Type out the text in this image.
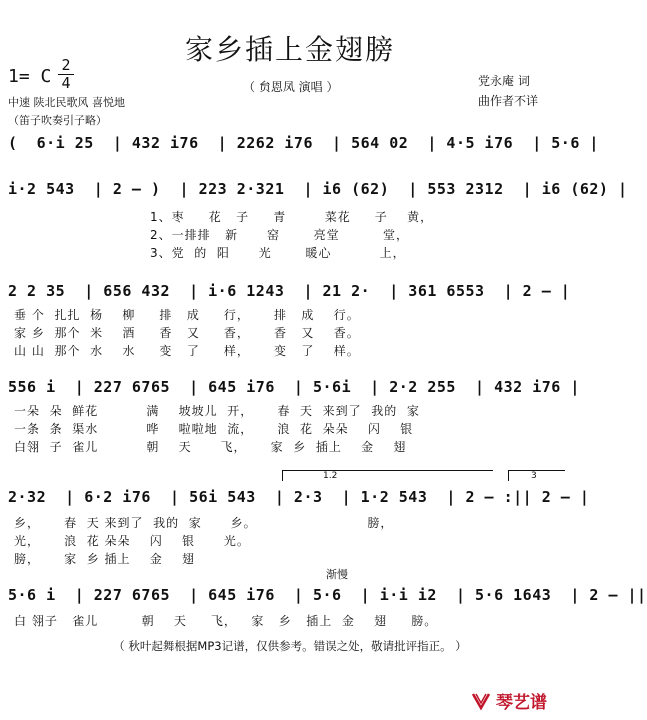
家乡插上金翅膀
1= C
2
4	（ 贠恩凤 演唱 ）
中速 陕北民歌风 喜悦地
党永庵 词
曲作者不详
（笛子吹奏引子略）
(  6·i 25  | 432 i76  | 2262 i76  | 564 02  | 4·5 i76  | 5·6 |
i·2 543  | 2 – )  | 223 2·321  | i6 (62)  | 553 2312  | i6 (62) |
1、枣     花   子     青        菜花     子    黄，
2、一排排   新      窑       亮堂         堂，
3、党  的  阳      光       暖心          上，
2 2 35  | 656 432  | i·6 1243  | 21 2·  | 361 6553  | 2 – |
垂 个  扎扎  杨    柳     排   成     行，     排   成    行。
家 乡  那个  米    酒     香   又     香，     香   又    香。
山 山  那个  水    水     变   了     样，     变   了    样。
556 i  | 227 6765  | 645 i76  | 5·6i  | 2·2 255  | 432 i76 |
一朵  朵  鲜花          满    坡坡儿  开，     春  天  来到了  我的  家
一条  条  渠水          哗    啦啦地  流，     浪  花  朵朵    闪    银
白翎  子  雀儿          朝    天      飞，     家  乡  插上    金    翅
1.2	3
2·32  | 6·2 i76  | 56i 543  | 2·3  | 1·2 543  | 2 – :|| 2 – |
乡，     春  天 来到了  我的  家      乡。                       膀，
光，     浪  花 朵朵    闪    银      光。
膀，     家  乡 插上    金    翅
渐慢
5·6 i  | 227 6765  | 645 i76  | 5·6  | i·i i2  | 5·6 1643  | 2 – ||
白 翎子   雀儿         朝    天     飞，   家   乡   插上  金    翅     膀。
（ 秋叶起舞根据MP3记谱，仅供参考。错误之处，敬请批评指正。 ）
琴艺谱
